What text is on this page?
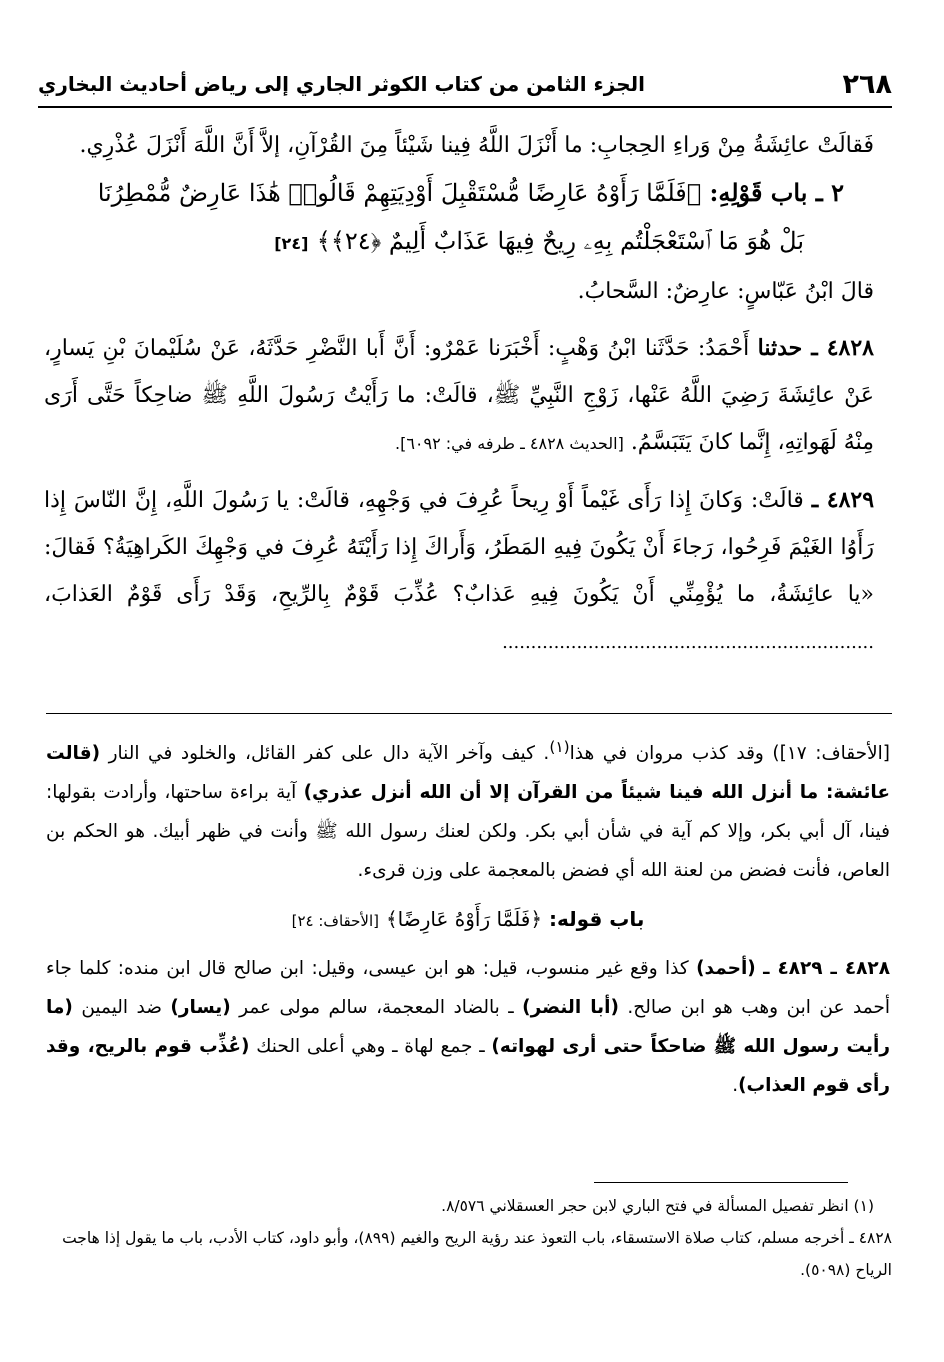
٢٦٨
الجزء الثامن من كتاب الكوثر الجاري إلى رياض أحاديث البخاري

فَقالَتْ عائِشَةُ مِنْ وَراءِ الحِجابِ: ما أَنْزَلَ اللَّهُ فِينا شَيْئاً مِنَ القُرْآنِ، إلاَّ أَنَّ اللَّهَ أَنْزَلَ عُذْرِي.

٢ ـ باب قَوْلِهِ: ﴿فَلَمَّا رَأَوْهُ عَارِضًا مُّسْتَقْبِلَ أَوْدِيَتِهِمْ قَالُوا۟ هَٰذَا عَارِضٌ مُّمْطِرُنَا

بَلْ هُوَ مَا ٱسْتَعْجَلْتُم بِهِۦ رِيحٌ فِيهَا عَذَابٌ أَلِيمٌ ﴿٢٤﴾﴾ [٢٤]

قالَ ابْنُ عَبّاسٍ: عارِضٌ: السَّحابُ.

٤٨٢٨ ـ حدثنا أَحْمَدُ: حَدَّثَنا ابْنُ وَهْبٍ: أَخْبَرَنا عَمْرٌو: أَنَّ أَبا النَّضْرِ حَدَّثَهُ، عَنْ سُلَيْمانَ بْنِ يَسارٍ، عَنْ عائِشَةَ رَضِيَ اللَّهُ عَنْها، زَوْجِ النَّبِيِّ ﷺ، قالَتْ: ما رَأَيْتُ رَسُولَ اللَّهِ ﷺ ضاحِكاً حَتَّى أَرَى مِنْهُ لَهَواتِهِ، إِنَّما كانَ يَتَبَسَّمُ. [الحديث ٤٨٢٨ ـ طرفه في: ٦٠٩٢].

٤٨٢٩ ـ قالَتْ: وَكانَ إِذا رَأَى غَيْماً أَوْ رِيحاً عُرِفَ في وَجْهِهِ، قالَتْ: يا رَسُولَ اللَّهِ، إِنَّ النّاسَ إِذا رَأَوُا الغَيْمَ فَرِحُوا، رَجاءَ أَنْ يَكُونَ فِيهِ المَطَرُ، وَأَراكَ إِذا رَأَيْتَهُ عُرِفَ في وَجْهِكَ الكَراهِيَةُ؟ فَقالَ: «يا عائِشَةُ، ما يُؤْمِنِّي أَنْ يَكُونَ فِيهِ عَذابٌ؟ عُذِّبَ قَوْمٌ بِالرِّيحِ، وَقَدْ رَأَى قَوْمٌ العَذابَ، .................................................................

[الأحقاف: ١٧]) وقد كذب مروان في هذا$^{(١)}$. كيف وآخر الآية دال على كفر القائل، والخلود في النار (قالت عائشة: ما أنزل الله فينا شيئاً من القرآن إلا أن الله أنزل عذري) آية براءة ساحتها، وأرادت بقولها: فينا، آل أبي بكر، وإلا كم آية في شأن أبي بكر. ولكن لعنك رسول الله ﷺ وأنت في ظهر أبيك. هو الحكم بن العاص، فأنت فضض من لعنة الله أي فضض بالمعجمة على وزن قرىء.

باب قوله: ﴿فَلَمَّا رَأَوْهُ عَارِضًا﴾ [الأحقاف: ٢٤]

٤٨٢٨ ـ ٤٨٢٩ ـ (أحمد) كذا وقع غير منسوب، قيل: هو ابن عيسى، وقيل: ابن صالح قال ابن منده: كلما جاء أحمد عن ابن وهب هو ابن صالح. (أبا النضر) ـ بالضاد المعجمة، سالم مولى عمر (يسار) ضد اليمين (ما رأيت رسول الله ﷺ ضاحكاً حتى أرى لهواته) ـ جمع لهاة ـ وهي أعلى الحنك (عُذِّب قوم بالريح، وقد رأى قوم العذاب).

(١) انظر تفصيل المسألة في فتح الباري لابن حجر العسقلاني ٨/٥٧٦.

٤٨٢٨ ـ أخرجه مسلم، كتاب صلاة الاستسقاء، باب التعوذ عند رؤية الريح والغيم (٨٩٩)، وأبو داود، كتاب الأدب، باب ما يقول إذا هاجت الرياح (٥٠٩٨).
